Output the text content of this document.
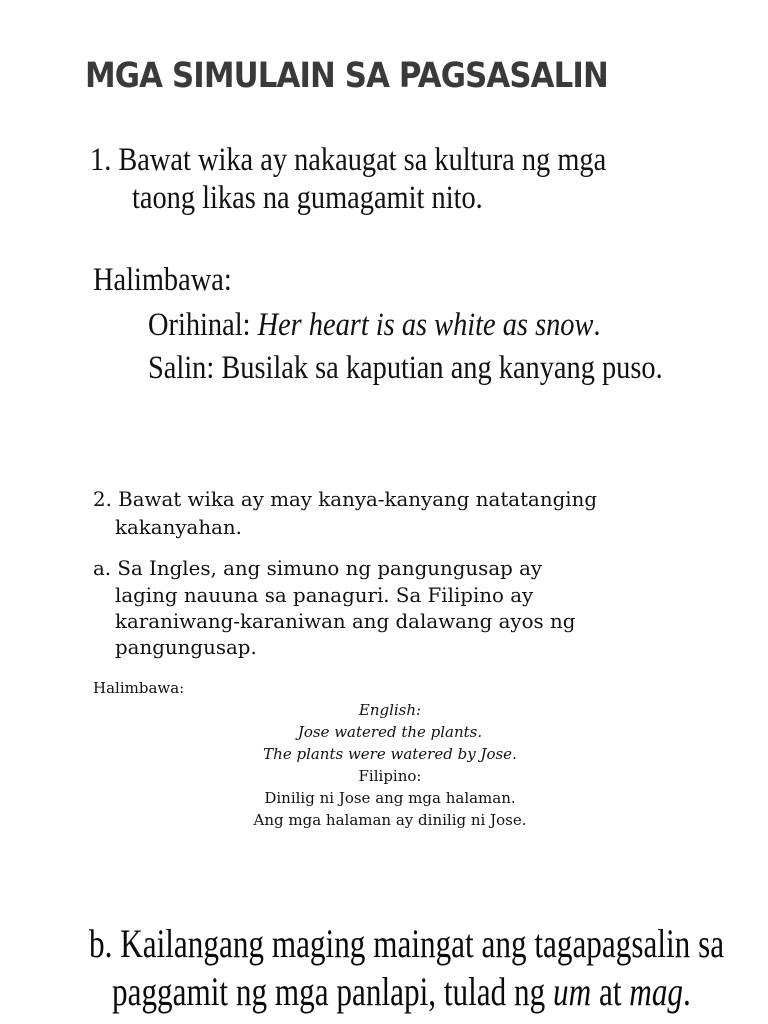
MGA SIMULAIN SA PAGSASALIN

1. Bawat wika ay nakaugat sa kultura ng mga

taong likas na gumagamit nito.

Halimbawa:

Orihinal: Her heart is as white as snow.

Salin: Busilak sa kaputian ang kanyang puso.

2. Bawat wika ay may kanya-kanyang natatanging

kakanyahan.

a. Sa Ingles, ang simuno ng pangungusap ay

laging nauuna sa panaguri. Sa Filipino ay

karaniwang-karaniwan ang dalawang ayos ng

pangungusap.

Halimbawa:

English:
Jose watered the plants.
The plants were watered by Jose.
Filipino:
Dinilig ni Jose ang mga halaman.
Ang mga halaman ay dinilig ni Jose.

b. Kailangang maging maingat ang tagapagsalin sa

paggamit ng mga panlapi, tulad ng um at mag.
